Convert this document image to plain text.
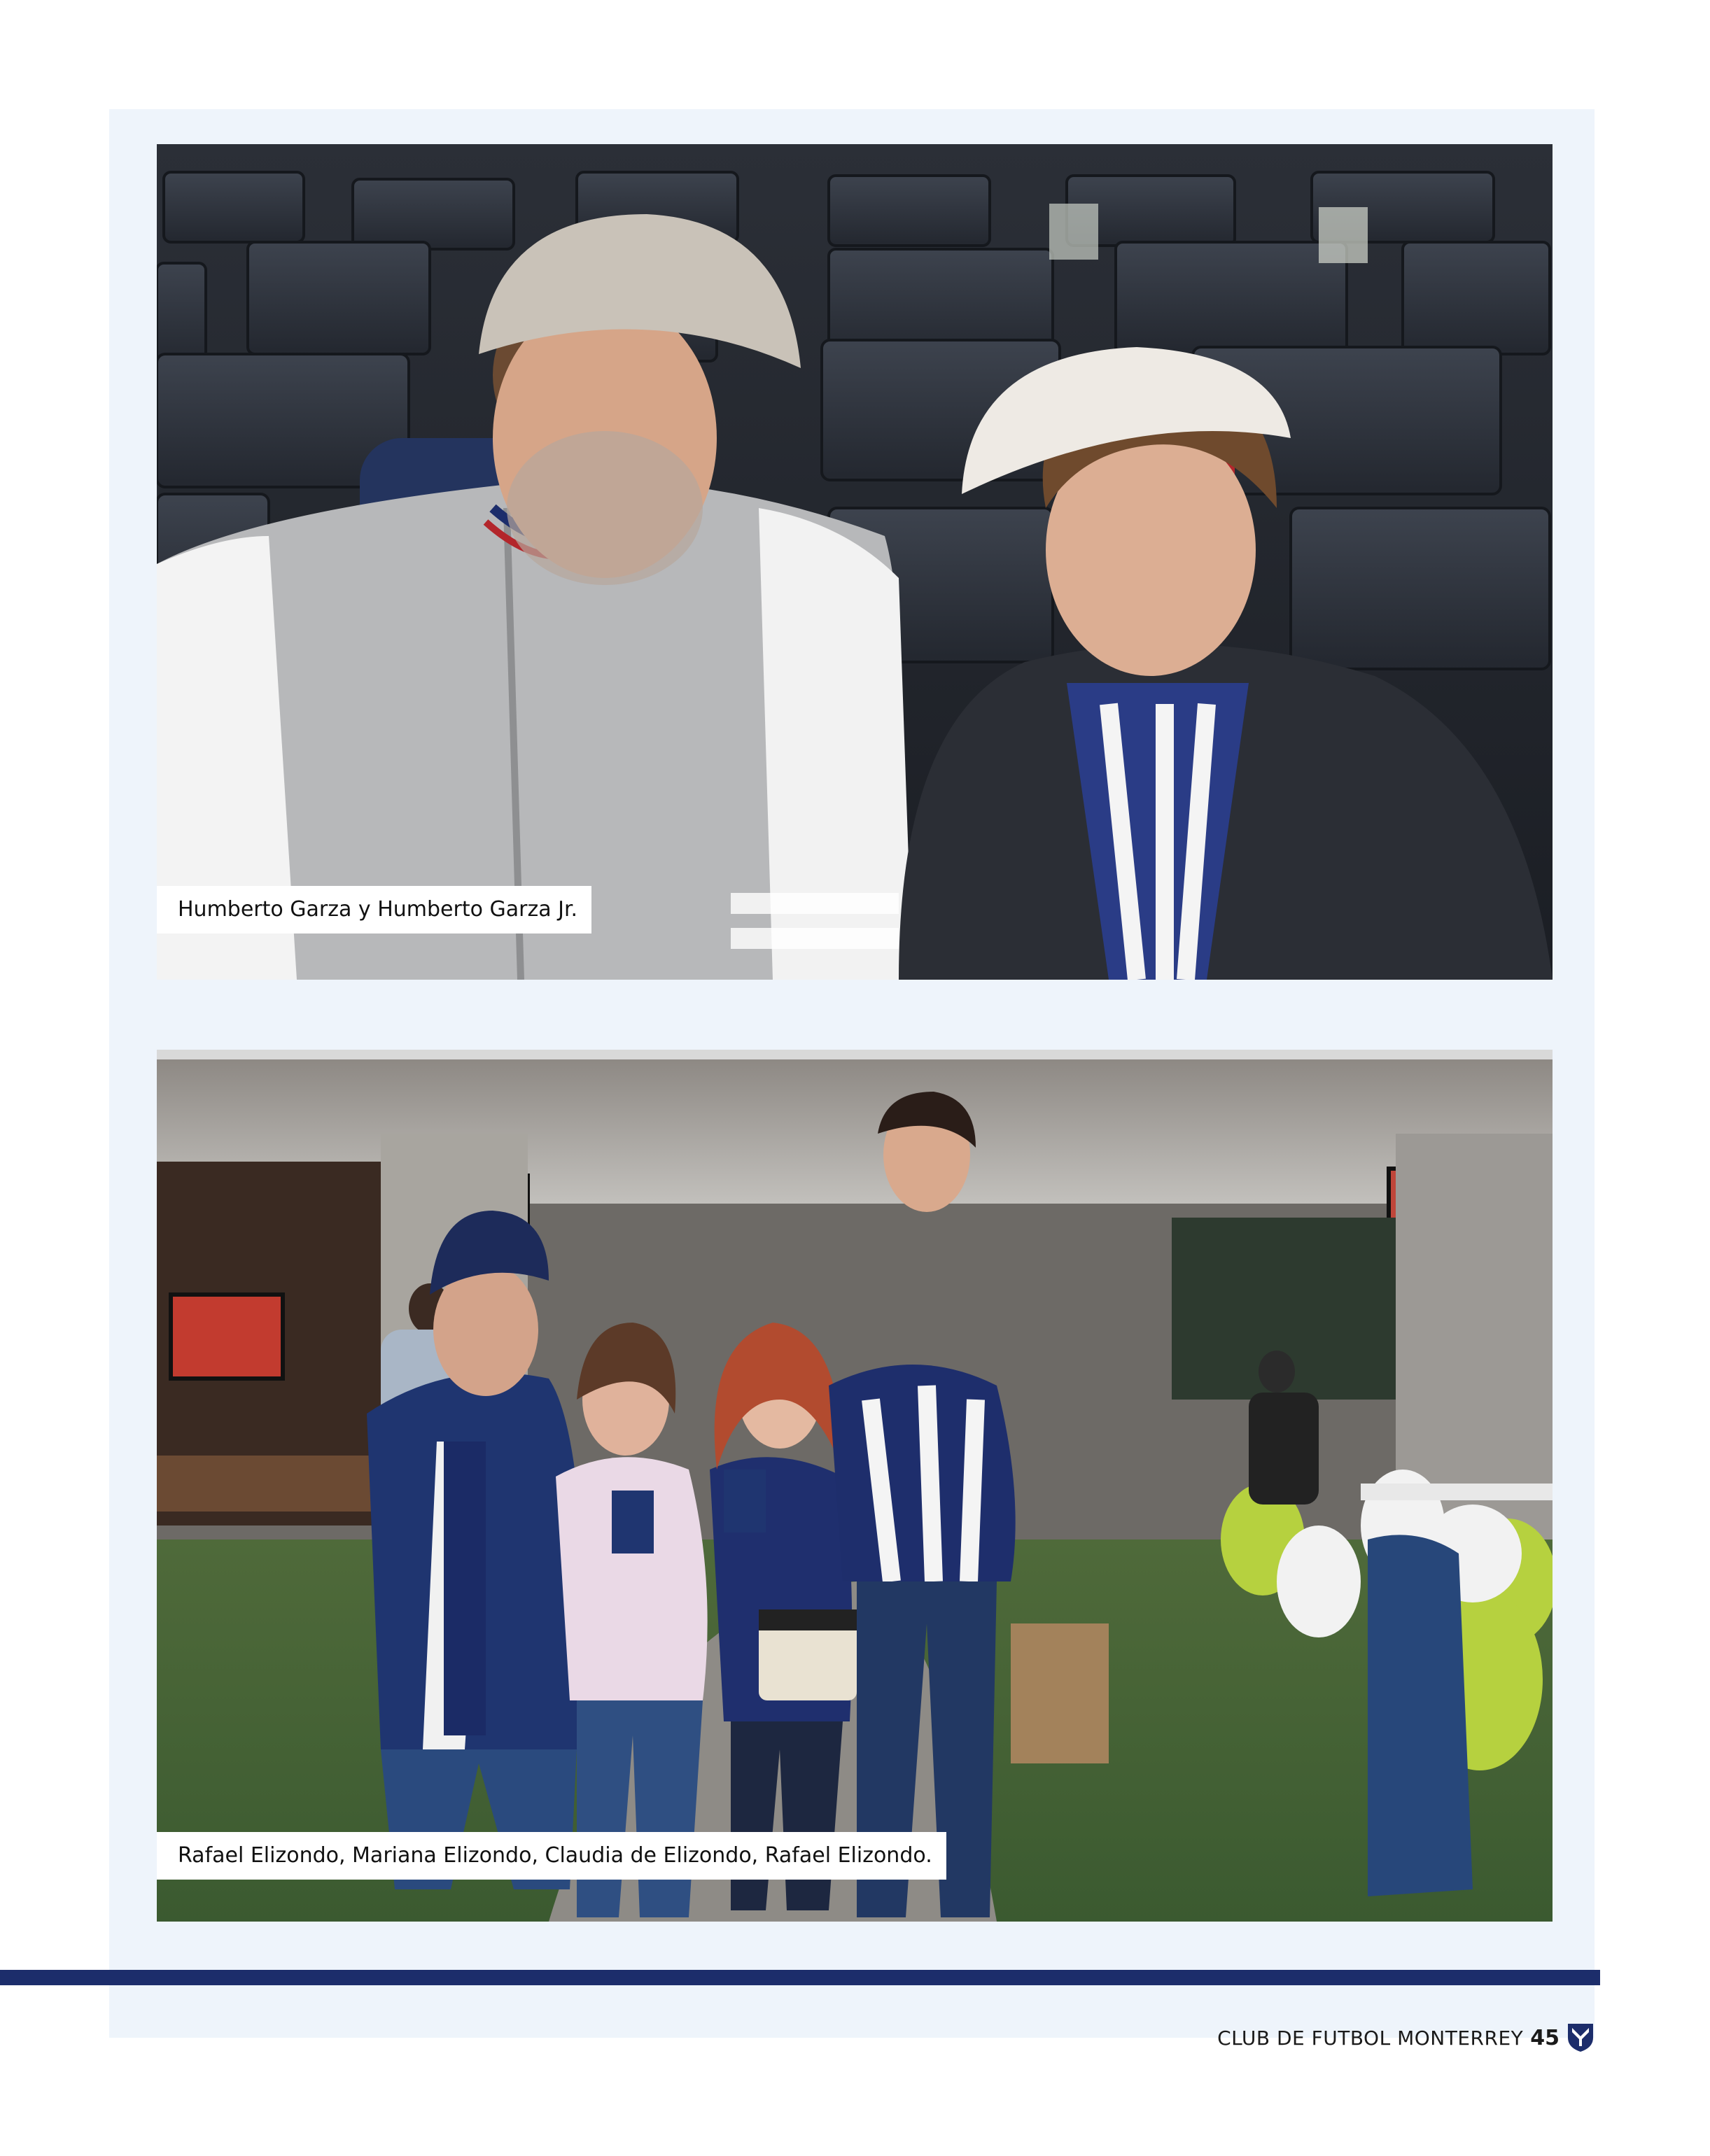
Humberto Garza y Humberto Garza Jr.
Rafael Elizondo, Mariana Elizondo, Claudia de Elizondo, Rafael Elizondo.
CLUB DE FUTBOL MONTERREY 45
